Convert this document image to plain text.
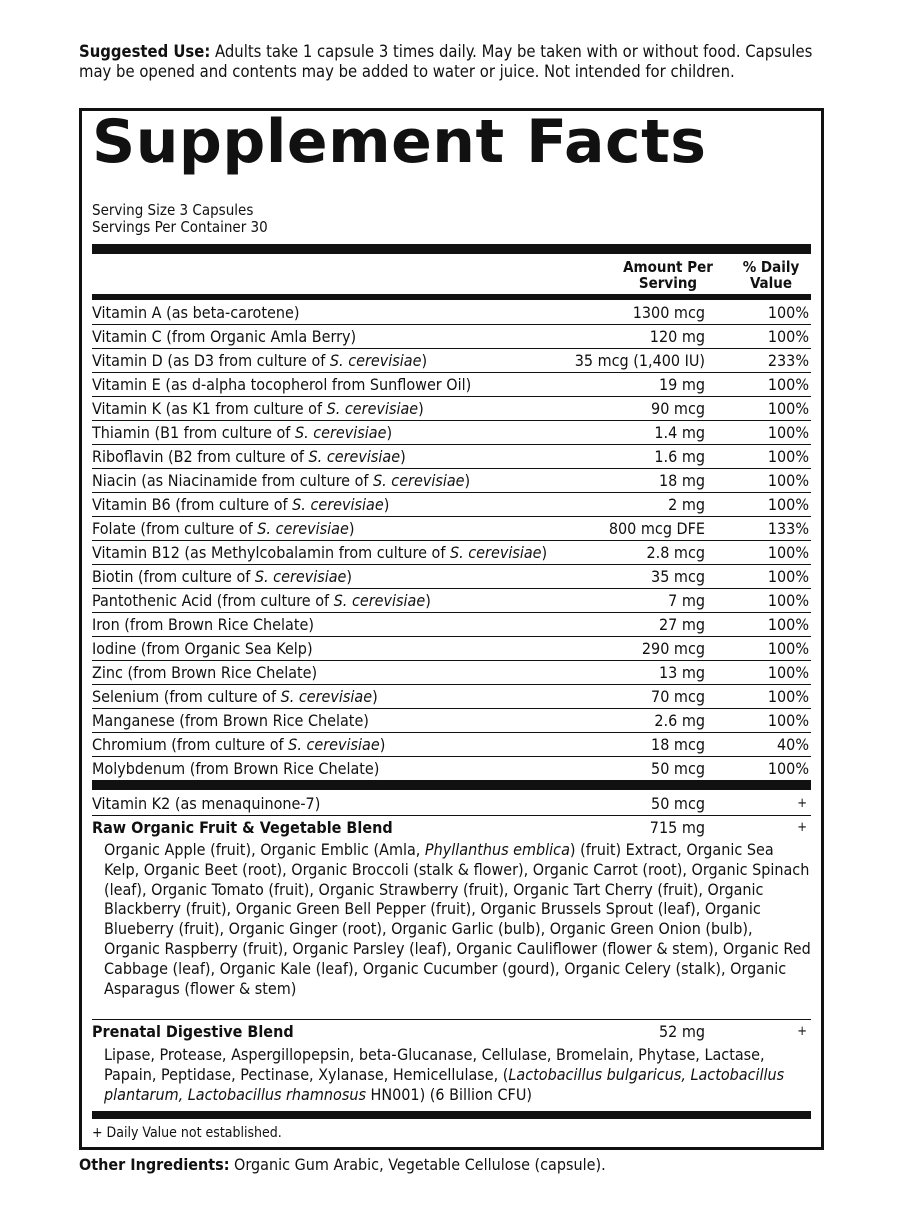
Suggested Use: Adults take 1 capsule 3 times daily. May be taken with or without food. Capsules may be opened and contents may be added to water or juice. Not intended for children.

Supplement Facts
Serving Size 3 Capsules
Servings Per Container 30
Amount Per
Serving
% Daily
Value
Vitamin A (as beta-carotene)	1300 mcg	100%
Vitamin C (from Organic Amla Berry)	120 mg	100%
Vitamin D (as D3 from culture of S. cerevisiae)	35 mcg (1,400 IU)	233%
Vitamin E (as d-alpha tocopherol from Sunflower Oil)	19 mg	100%
Vitamin K (as K1 from culture of S. cerevisiae)	90 mcg	100%
Thiamin (B1 from culture of S. cerevisiae)	1.4 mg	100%
Riboflavin (B2 from culture of S. cerevisiae)	1.6 mg	100%
Niacin (as Niacinamide from culture of S. cerevisiae)	18 mg	100%
Vitamin B6 (from culture of S. cerevisiae)	2 mg	100%
Folate (from culture of S. cerevisiae)	800 mcg DFE	133%
Vitamin B12 (as Methylcobalamin from culture of S. cerevisiae)	2.8 mcg	100%
Biotin (from culture of S. cerevisiae)	35 mcg	100%
Pantothenic Acid (from culture of S. cerevisiae)	7 mg	100%
Iron (from Brown Rice Chelate)	27 mg	100%
Iodine (from Organic Sea Kelp)	290 mcg	100%
Zinc (from Brown Rice Chelate)	13 mg	100%
Selenium (from culture of S. cerevisiae)	70 mcg	100%
Manganese (from Brown Rice Chelate)	2.6 mg	100%
Chromium (from culture of S. cerevisiae)	18 mcg	40%
Molybdenum (from Brown Rice Chelate)	50 mcg	100%
Vitamin K2 (as menaquinone-7)	50 mcg	+
Raw Organic Fruit & Vegetable Blend	715 mg	+
Organic Apple (fruit), Organic Emblic (Amla, Phyllanthus emblica) (fruit) Extract, Organic Sea Kelp, Organic Beet (root), Organic Broccoli (stalk & flower), Organic Carrot (root), Organic Spinach (leaf), Organic Tomato (fruit), Organic Strawberry (fruit), Organic Tart Cherry (fruit), Organic Blackberry (fruit), Organic Green Bell Pepper (fruit), Organic Brussels Sprout (leaf), Organic Blueberry (fruit), Organic Ginger (root), Organic Garlic (bulb), Organic Green Onion (bulb), Organic Raspberry (fruit), Organic Parsley (leaf), Organic Cauliflower (flower & stem), Organic Red Cabbage (leaf), Organic Kale (leaf), Organic Cucumber (gourd), Organic Celery (stalk), Organic Asparagus (flower & stem)
Prenatal Digestive Blend	52 mg	+
Lipase, Protease, Aspergillopepsin, beta-Glucanase, Cellulase, Bromelain, Phytase, Lactase, Papain, Peptidase, Pectinase, Xylanase, Hemicellulase, (Lactobacillus bulgaricus, Lactobacillus plantarum, Lactobacillus rhamnosus HN001) (6 Billion CFU)
+ Daily Value not established.

Other Ingredients: Organic Gum Arabic, Vegetable Cellulose (capsule).
